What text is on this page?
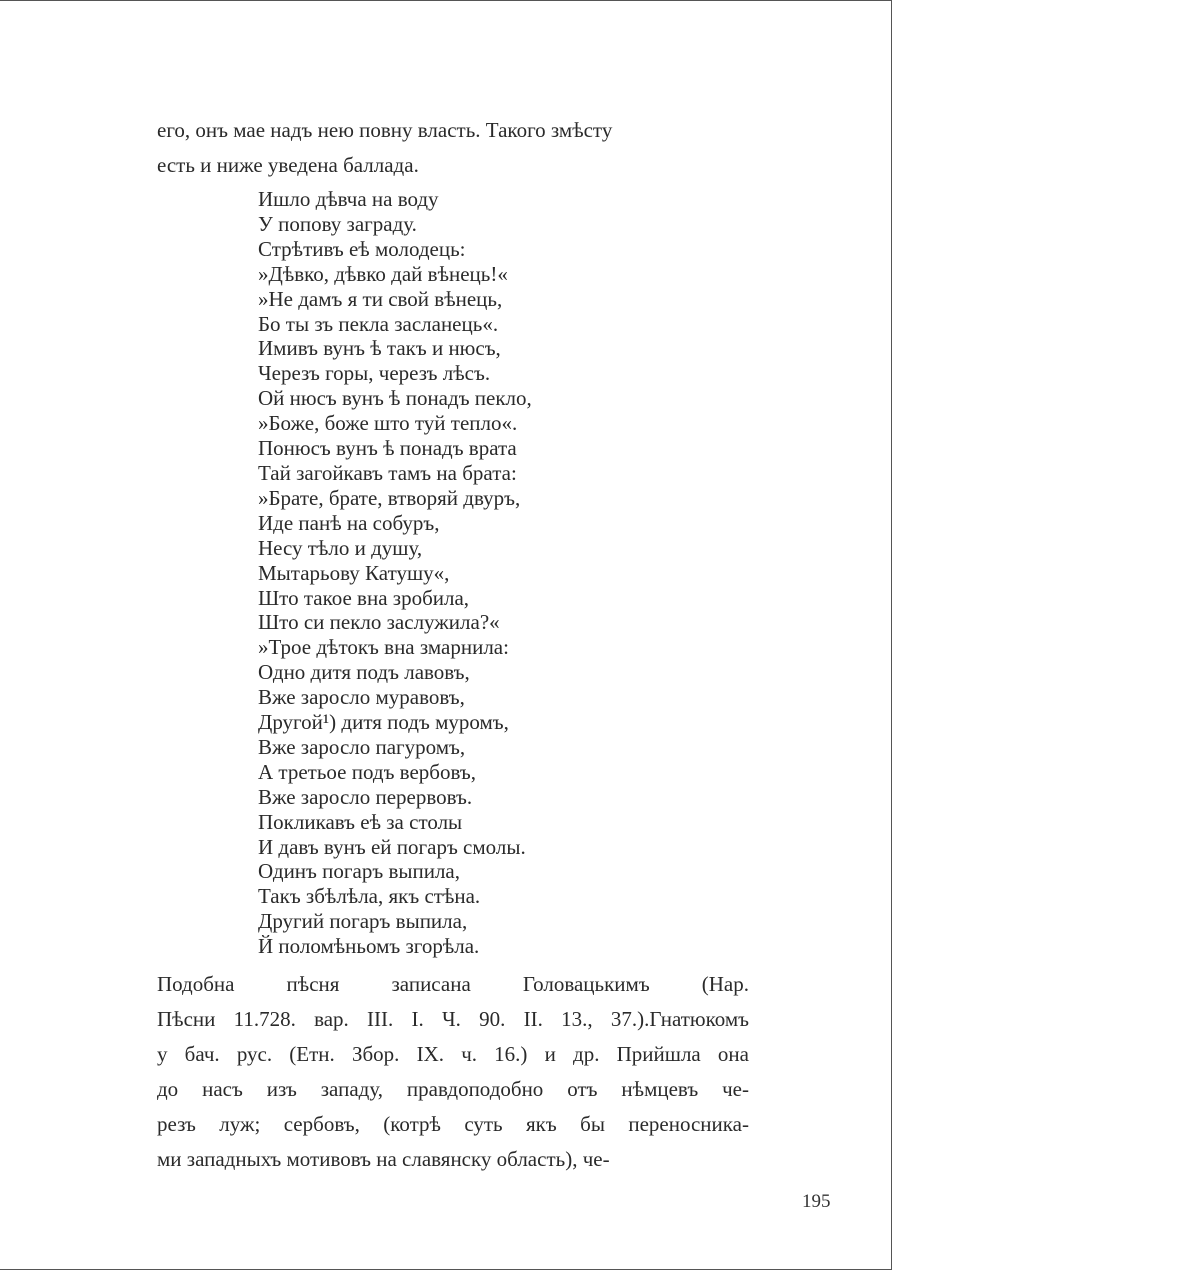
его, онъ мае надъ нею повну власть. Такого змѣсту
есть и ниже уведена баллада.
Ишло дѣвча на воду
У попову заграду.
Стрѣтивъ еѣ молодець:
»Дѣвко, дѣвко дай вѣнець!«
»Не дамъ я ти свой вѣнець,
Бо ты зъ пекла засланець«.
Имивъ вунъ ѣ такъ и нюсъ,
Черезъ горы, черезъ лѣсъ.
Ой нюсъ вунъ ѣ понадъ пекло,
»Боже, боже што туй тепло«.
Понюсъ вунъ ѣ понадъ врата
Тай загойкавъ тамъ на брата:
»Брате, брате, втворяй двуръ,
Иде панѣ на собуръ,
Несу тѣло и душу,
Мытарьову Катушу«,
Што такое вна зробила,
Што си пекло заслужила?«
»Трое дѣтокъ вна змарнила:
Одно дитя подъ лавовъ,
Вже заросло муравовъ,
Другой¹) дитя подъ муромъ,
Вже заросло пагуромъ,
А третьое подъ вербовъ,
Вже заросло перервовъ.
Покликавъ еѣ за столы
И давъ вунъ ей погаръ смолы.
Одинъ погаръ выпила,
Такъ збѣлѣла, якъ стѣна.
Другий погаръ выпила,
Й поломѣньомъ згорѣла.
Подобна пѣсня записана Головацькимъ (Нар.
Пѣсни 11.728. вар. III. I. Ч. 90. II. 13., 37.).Гнатюкомъ
у бач. рус. (Етн. Збор. IX. ч. 16.) и др. Прийшла она
до насъ изъ западу, правдоподобно отъ нѣмцевъ че-
резъ луж; сербовъ, (котрѣ суть якъ бы переносника-
ми западныхъ мотивовъ на славянску область), че-
195
